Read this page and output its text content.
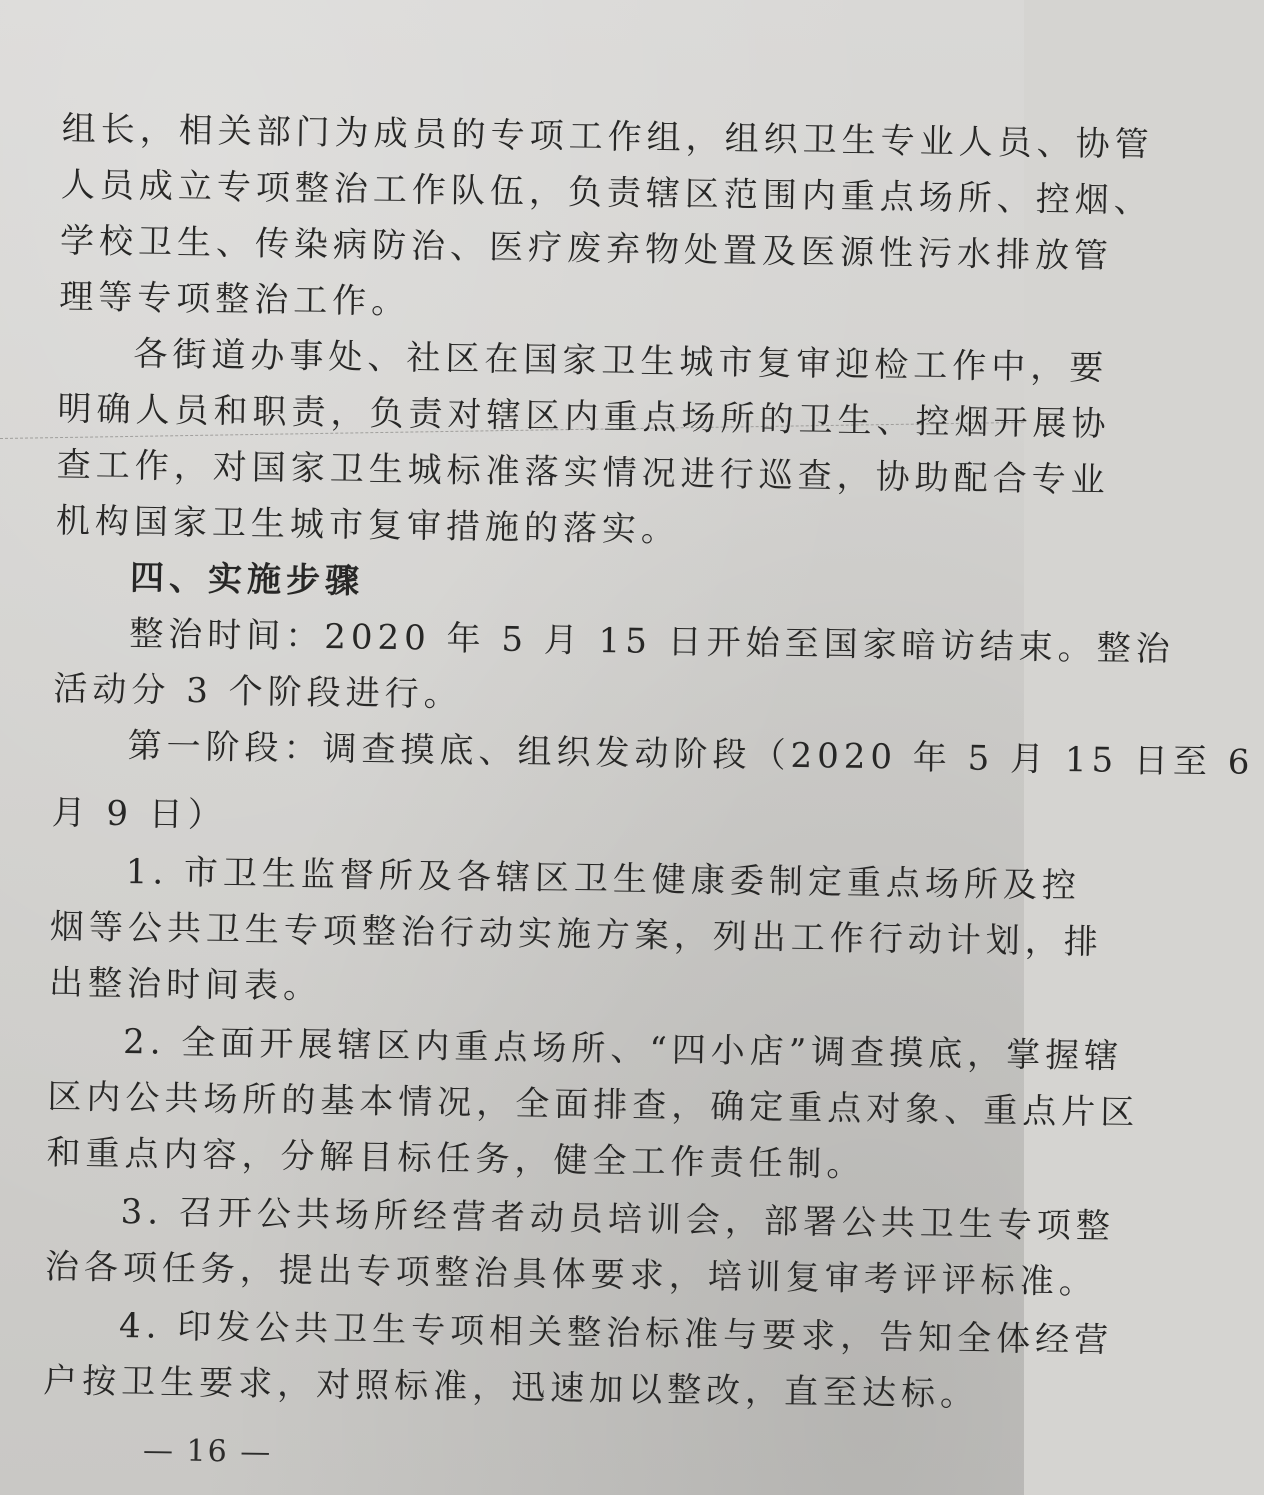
组长，相关部门为成员的专项工作组，组织卫生专业人员、协管

人员成立专项整治工作队伍，负责辖区范围内重点场所、控烟、

学校卫生、传染病防治、医疗废弃物处置及医源性污水排放管

理等专项整治工作。

各街道办事处、社区在国家卫生城市复审迎检工作中，要

明确人员和职责，负责对辖区内重点场所的卫生、控烟开展协

查工作，对国家卫生城标准落实情况进行巡查，协助配合专业

机构国家卫生城市复审措施的落实。

四、实施步骤

整治时间：2020 年 5 月 15 日开始至国家暗访结束。整治

活动分 3 个阶段进行。

第一阶段：调查摸底、组织发动阶段（2020 年 5 月 15 日至 6

月 9 日）

1. 市卫生监督所及各辖区卫生健康委制定重点场所及控

烟等公共卫生专项整治行动实施方案，列出工作行动计划，排

出整治时间表。

2. 全面开展辖区内重点场所、“四小店”调查摸底，掌握辖

区内公共场所的基本情况，全面排查，确定重点对象、重点片区

和重点内容，分解目标任务，健全工作责任制。

3. 召开公共场所经营者动员培训会，部署公共卫生专项整

治各项任务，提出专项整治具体要求，培训复审考评评标准。

4. 印发公共卫生专项相关整治标准与要求，告知全体经营

户按卫生要求，对照标准，迅速加以整改，直至达标。

— 16 —
